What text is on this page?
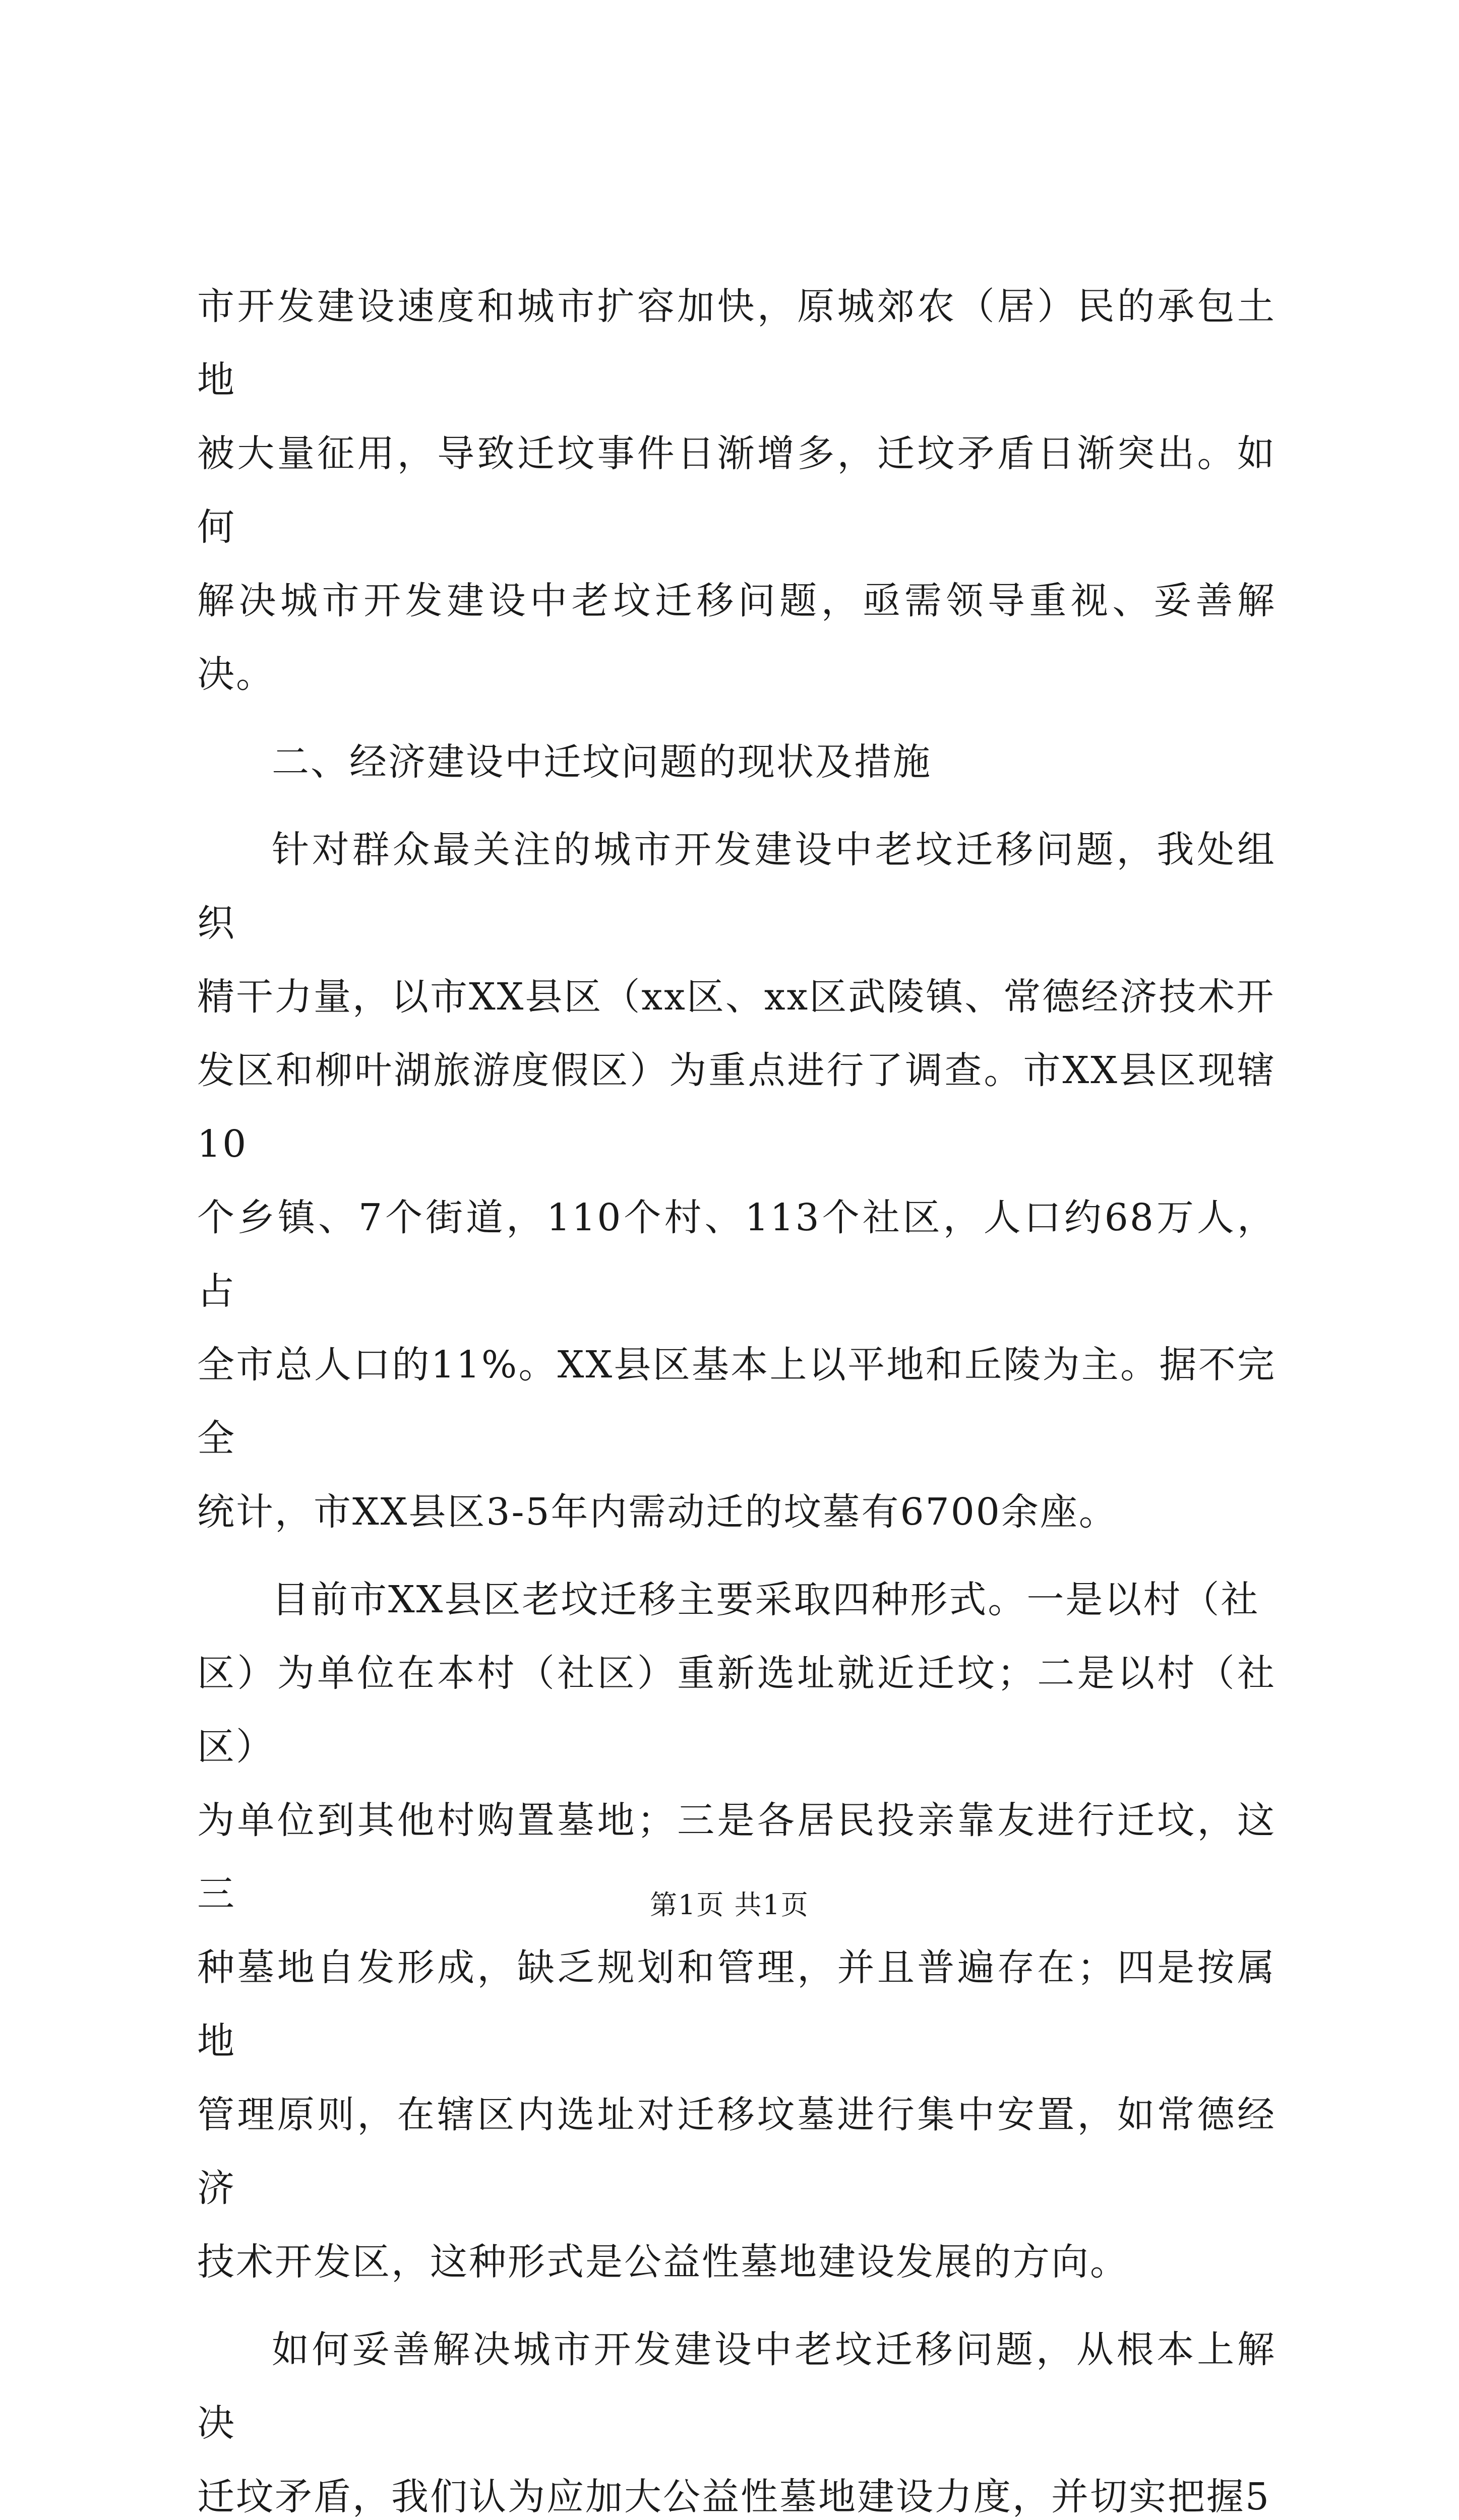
市开发建设速度和城市扩容加快，原城郊农（居）民的承包土地
被大量征用，导致迁坟事件日渐增多，迁坟矛盾日渐突出。如何
解决城市开发建设中老坟迁移问题，亟需领导重视、妥善解决。

二、经济建设中迁坟问题的现状及措施

针对群众最关注的城市开发建设中老坟迁移问题，我处组织
精干力量，以市XX县区（xx区、xx区武陵镇、常德经济技术开
发区和柳叶湖旅游度假区）为重点进行了调查。市XX县区现辖10
个乡镇、7个街道，110个村、113个社区，人口约68万人，占
全市总人口的11%。XX县区基本上以平地和丘陵为主。据不完全
统计，市XX县区3-5年内需动迁的坟墓有6700余座。

目前市XX县区老坟迁移主要采取四种形式。一是以村（社
区）为单位在本村（社区）重新选址就近迁坟；二是以村（社区）
为单位到其他村购置墓地；三是各居民投亲靠友进行迁坟，这三
种墓地自发形成，缺乏规划和管理，并且普遍存在；四是按属地
管理原则，在辖区内选址对迁移坟墓进行集中安置，如常德经济
技术开发区，这种形式是公益性墓地建设发展的方向。

如何妥善解决城市开发建设中老坟迁移问题，从根本上解决
迁坟矛盾，我们认为应加大公益性墓地建设力度，并切实把握5

第1页 共1页
